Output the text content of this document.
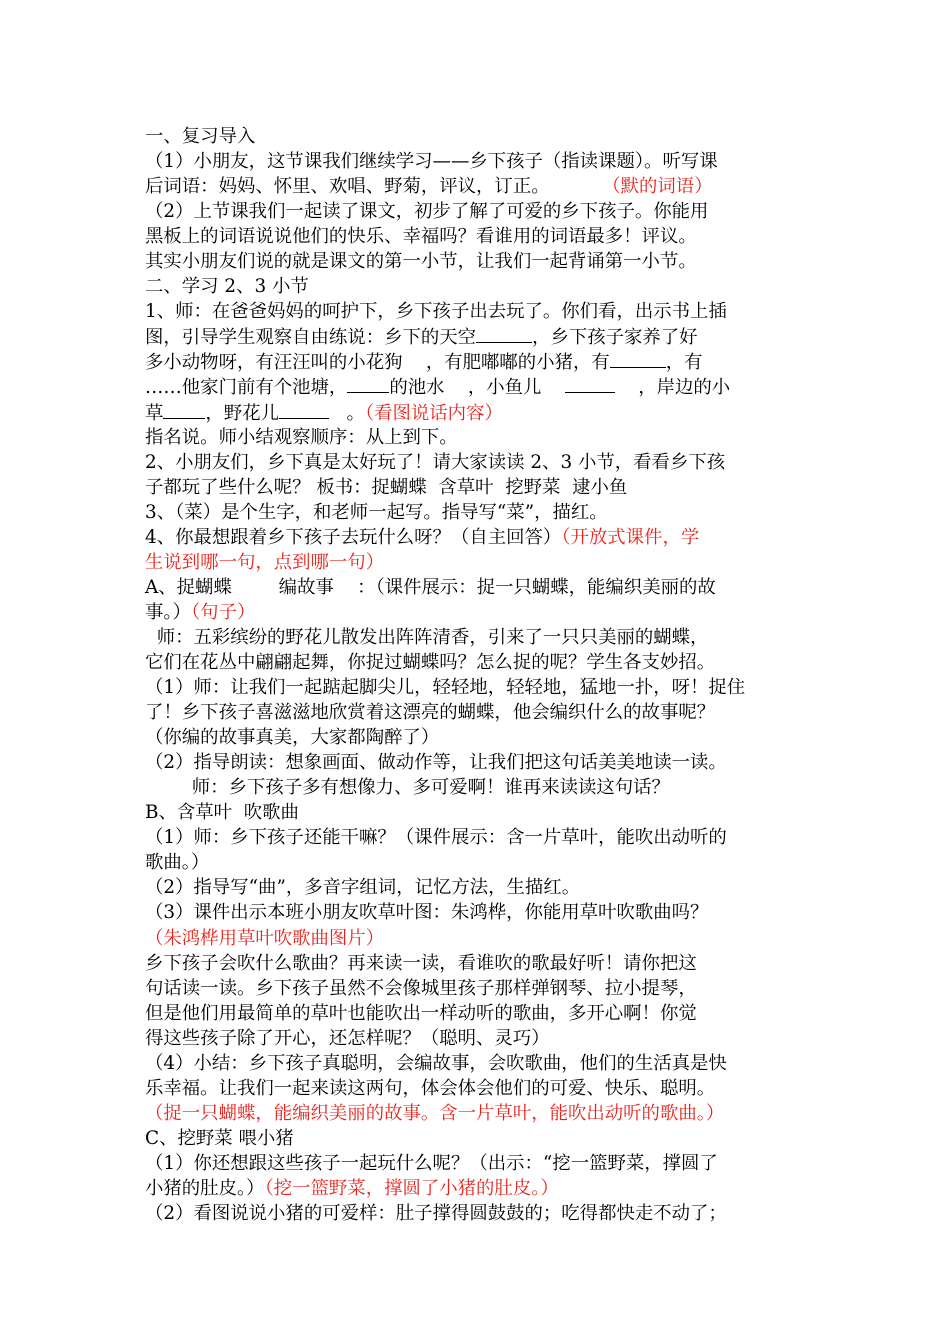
一、复习导入
（1）小朋友，这节课我们继续学习——乡下孩子（指读课题）。听写课
后词语：妈妈、怀里、欢唱、野菊，评议，订正。	（默的词语）
（2）上节课我们一起读了课文，初步了解了可爱的乡下孩子。你能用
黑板上的词语说说他们的快乐、幸福吗？看谁用的词语最多！评议。
其实小朋友们说的就是课文的第一小节，让我们一起背诵第一小节。
二、学习 2、3 小节
1、师：在爸爸妈妈的呵护下，乡下孩子出去玩了。你们看，出示书上插
图，引导学生观察自由练说：乡下的天空	，乡下孩子家养了好
多小动物呀，有汪汪叫的小花狗    ，有肥嘟嘟的小猪，有	，有
……他家门前有个池塘， 的池水    ，小鱼儿	，岸边的小
草 ，野花儿	。（看图说话内容）
指名说。师小结观察顺序：从上到下。
2、小朋友们，乡下真是太好玩了！请大家读读 2、3 小节，看看乡下孩
子都玩了些什么呢？ 板书：捉蝴蝶  含草叶  挖野菜  逮小鱼
3、（菜）是个生字，和老师一起写。指导写“菜”，描红。
4、你最想跟着乡下孩子去玩什么呀？（自主回答）（开放式课件，学
生说到哪一句，点到哪一句）
A、捉蝴蝶        编故事    ：（课件展示：捉一只蝴蝶，能编织美丽的故
事。）（句子）
师：五彩缤纷的野花儿散发出阵阵清香，引来了一只只美丽的蝴蝶，
它们在花丛中翩翩起舞，你捉过蝴蝶吗？怎么捉的呢？学生各支妙招。
（1）师：让我们一起踮起脚尖儿，轻轻地，轻轻地，猛地一扑，呀！捉住
了！乡下孩子喜滋滋地欣赏着这漂亮的蝴蝶，他会编织什么的故事呢？
（你编的故事真美，大家都陶醉了）
（2）指导朗读：想象画面、做动作等，让我们把这句话美美地读一读。
师：乡下孩子多有想像力、多可爱啊！谁再来读读这句话？
B、含草叶  吹歌曲
（1）师：乡下孩子还能干嘛？（课件展示：含一片草叶，能吹出动听的
歌曲。）
（2）指导写“曲”，多音字组词，记忆方法，生描红。
（3）课件出示本班小朋友吹草叶图：朱鸿桦，你能用草叶吹歌曲吗？
（朱鸿桦用草叶吹歌曲图片）
乡下孩子会吹什么歌曲？再来读一读，看谁吹的歌最好听！请你把这
句话读一读。乡下孩子虽然不会像城里孩子那样弹钢琴、拉小提琴，
但是他们用最简单的草叶也能吹出一样动听的歌曲，多开心啊！你觉
得这些孩子除了开心，还怎样呢？（聪明、灵巧）
（4）小结：乡下孩子真聪明，会编故事，会吹歌曲，他们的生活真是快
乐幸福。让我们一起来读这两句，体会体会他们的可爱、快乐、聪明。
（捉一只蝴蝶，能编织美丽的故事。含一片草叶，能吹出动听的歌曲。）
C、挖野菜 喂小猪
（1）你还想跟这些孩子一起玩什么呢？（出示：“挖一篮野菜，撑圆了
小猪的肚皮。）（挖一篮野菜，撑圆了小猪的肚皮。）
（2）看图说说小猪的可爱样：肚子撑得圆鼓鼓的；吃得都快走不动了；
